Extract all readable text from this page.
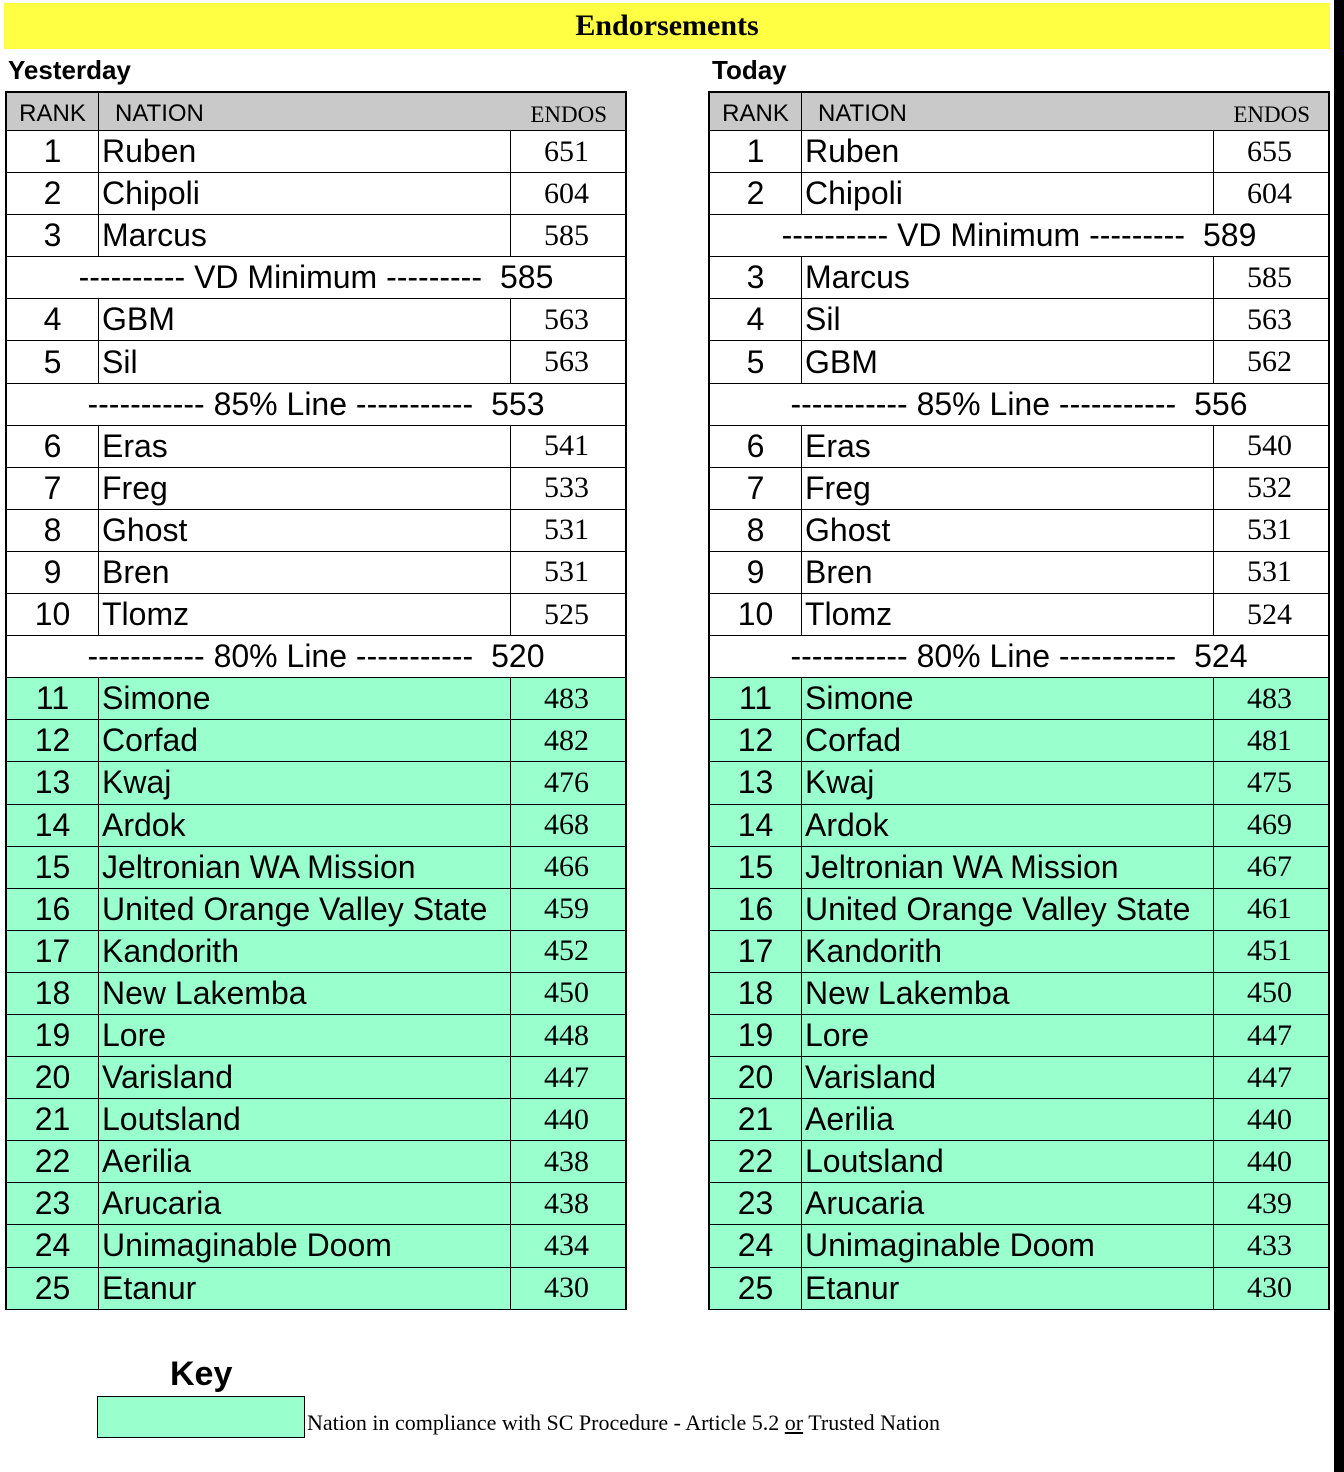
Endorsements
Yesterday	Today
RANK	NATION	ENDOS
1	Ruben	651
2	Chipoli	604
3	Marcus	585
---------- VD Minimum --------- 585
4	GBM	563
5	Sil	563
----------- 85% Line ----------- 553
6	Eras	541
7	Freg	533
8	Ghost	531
9	Bren	531
10 Tlomz	525
----------- 80% Line ----------- 520
11	Simone	483
12 Corfad	482
13 Kwaj	476
14 Ardok	468
15 Jeltronian WA Mission	466
16 United Orange Valley State	459
17 Kandorith	452
18 New Lakemba	450
19 Lore	448
20 Varisland	447
21 Loutsland	440
22 Aerilia	438
23 Arucaria	438
24 Unimaginable Doom	434
25 Etanur	430
RANK	NATION	ENDOS
1	Ruben	655
2	Chipoli	604
---------- VD Minimum --------- 589
3	Marcus	585
4	Sil	563
5	GBM	562
----------- 85% Line ----------- 556
6	Eras	540
7	Freg	532
8	Ghost	531
9	Bren	531
10 Tlomz	524
----------- 80% Line ----------- 524
11	Simone	483
12 Corfad	481
13 Kwaj	475
14 Ardok	469
15 Jeltronian WA Mission	467
16 United Orange Valley State	461
17 Kandorith	451
18 New Lakemba	450
19 Lore	447
20 Varisland	447
21 Aerilia	440
22 Loutsland	440
23 Arucaria	439
24 Unimaginable Doom	433
25 Etanur	430
Key
Nation in compliance with SC Procedure - Article 5.2 or Trusted Nation
